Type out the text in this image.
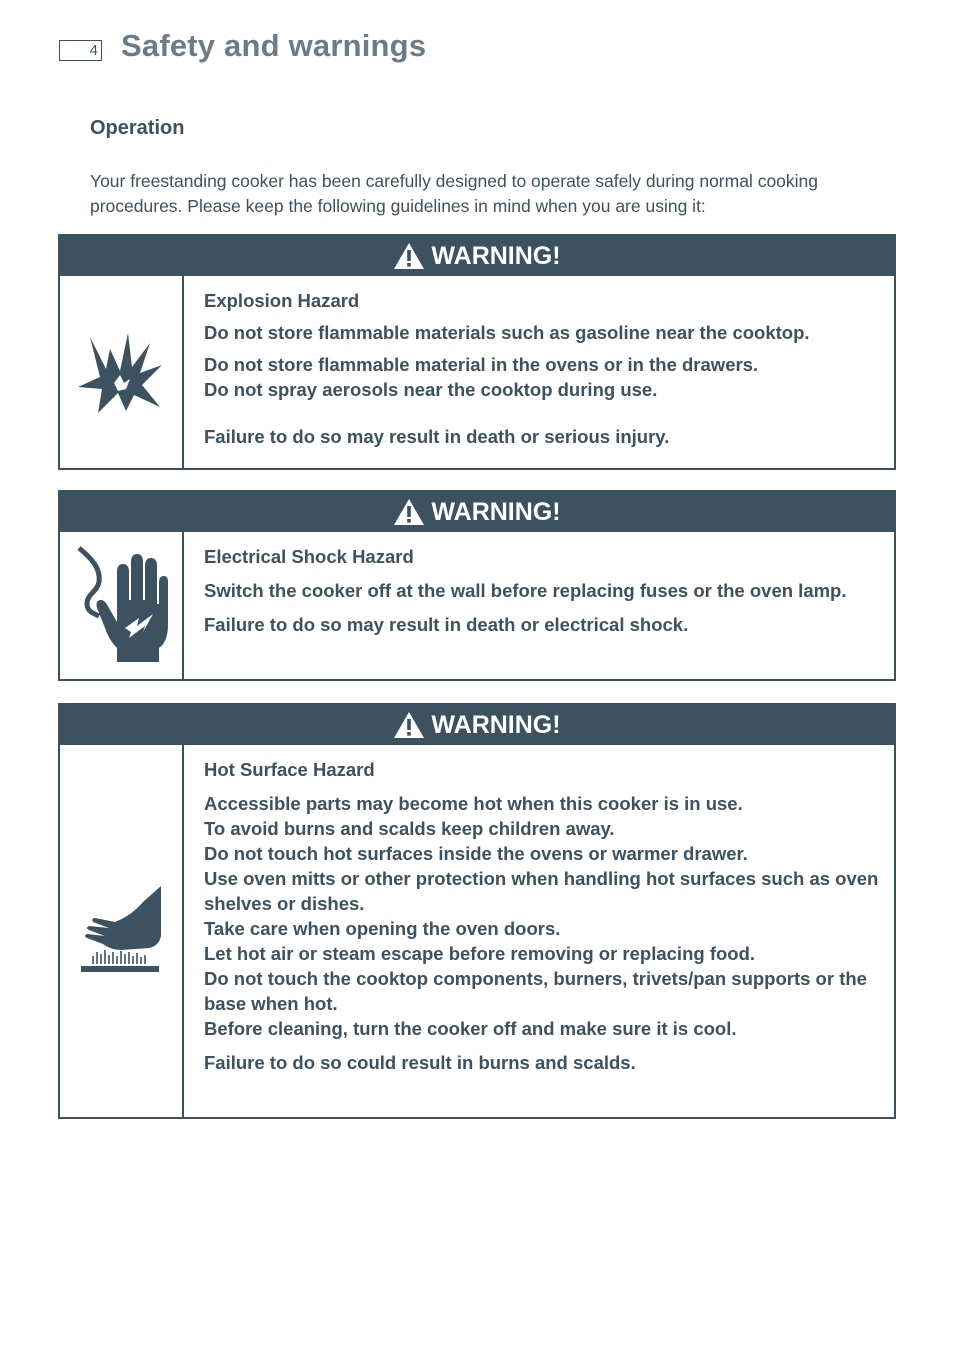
4 Safety and warnings
Operation

Your freestanding cooker has been carefully designed to operate safely during normal cooking procedures. Please keep the following guidelines in mind when you are using it:

WARNING!

Explosion Hazard

Do not store flammable materials such as gasoline near the cooktop.

Do not store flammable material in the ovens or in the drawers.

Do not spray aerosols near the cooktop during use.

Failure to do so may result in death or serious injury.

WARNING!

Electrical Shock Hazard

Switch the cooker off at the wall before replacing fuses or the oven lamp.

Failure to do so may result in death or electrical shock.

WARNING!

Hot Surface Hazard

Accessible parts may become hot when this cooker is in use.

To avoid burns and scalds keep children away.

Do not touch hot surfaces inside the ovens or warmer drawer.

Use oven mitts or other protection when handling hot surfaces such as oven shelves or dishes.

Take care when opening the oven doors.

Let hot air or steam escape before removing or replacing food.

Do not touch the cooktop components, burners, trivets/pan supports or the base when hot.

Before cleaning, turn the cooker off and make sure it is cool.

Failure to do so could result in burns and scalds.
